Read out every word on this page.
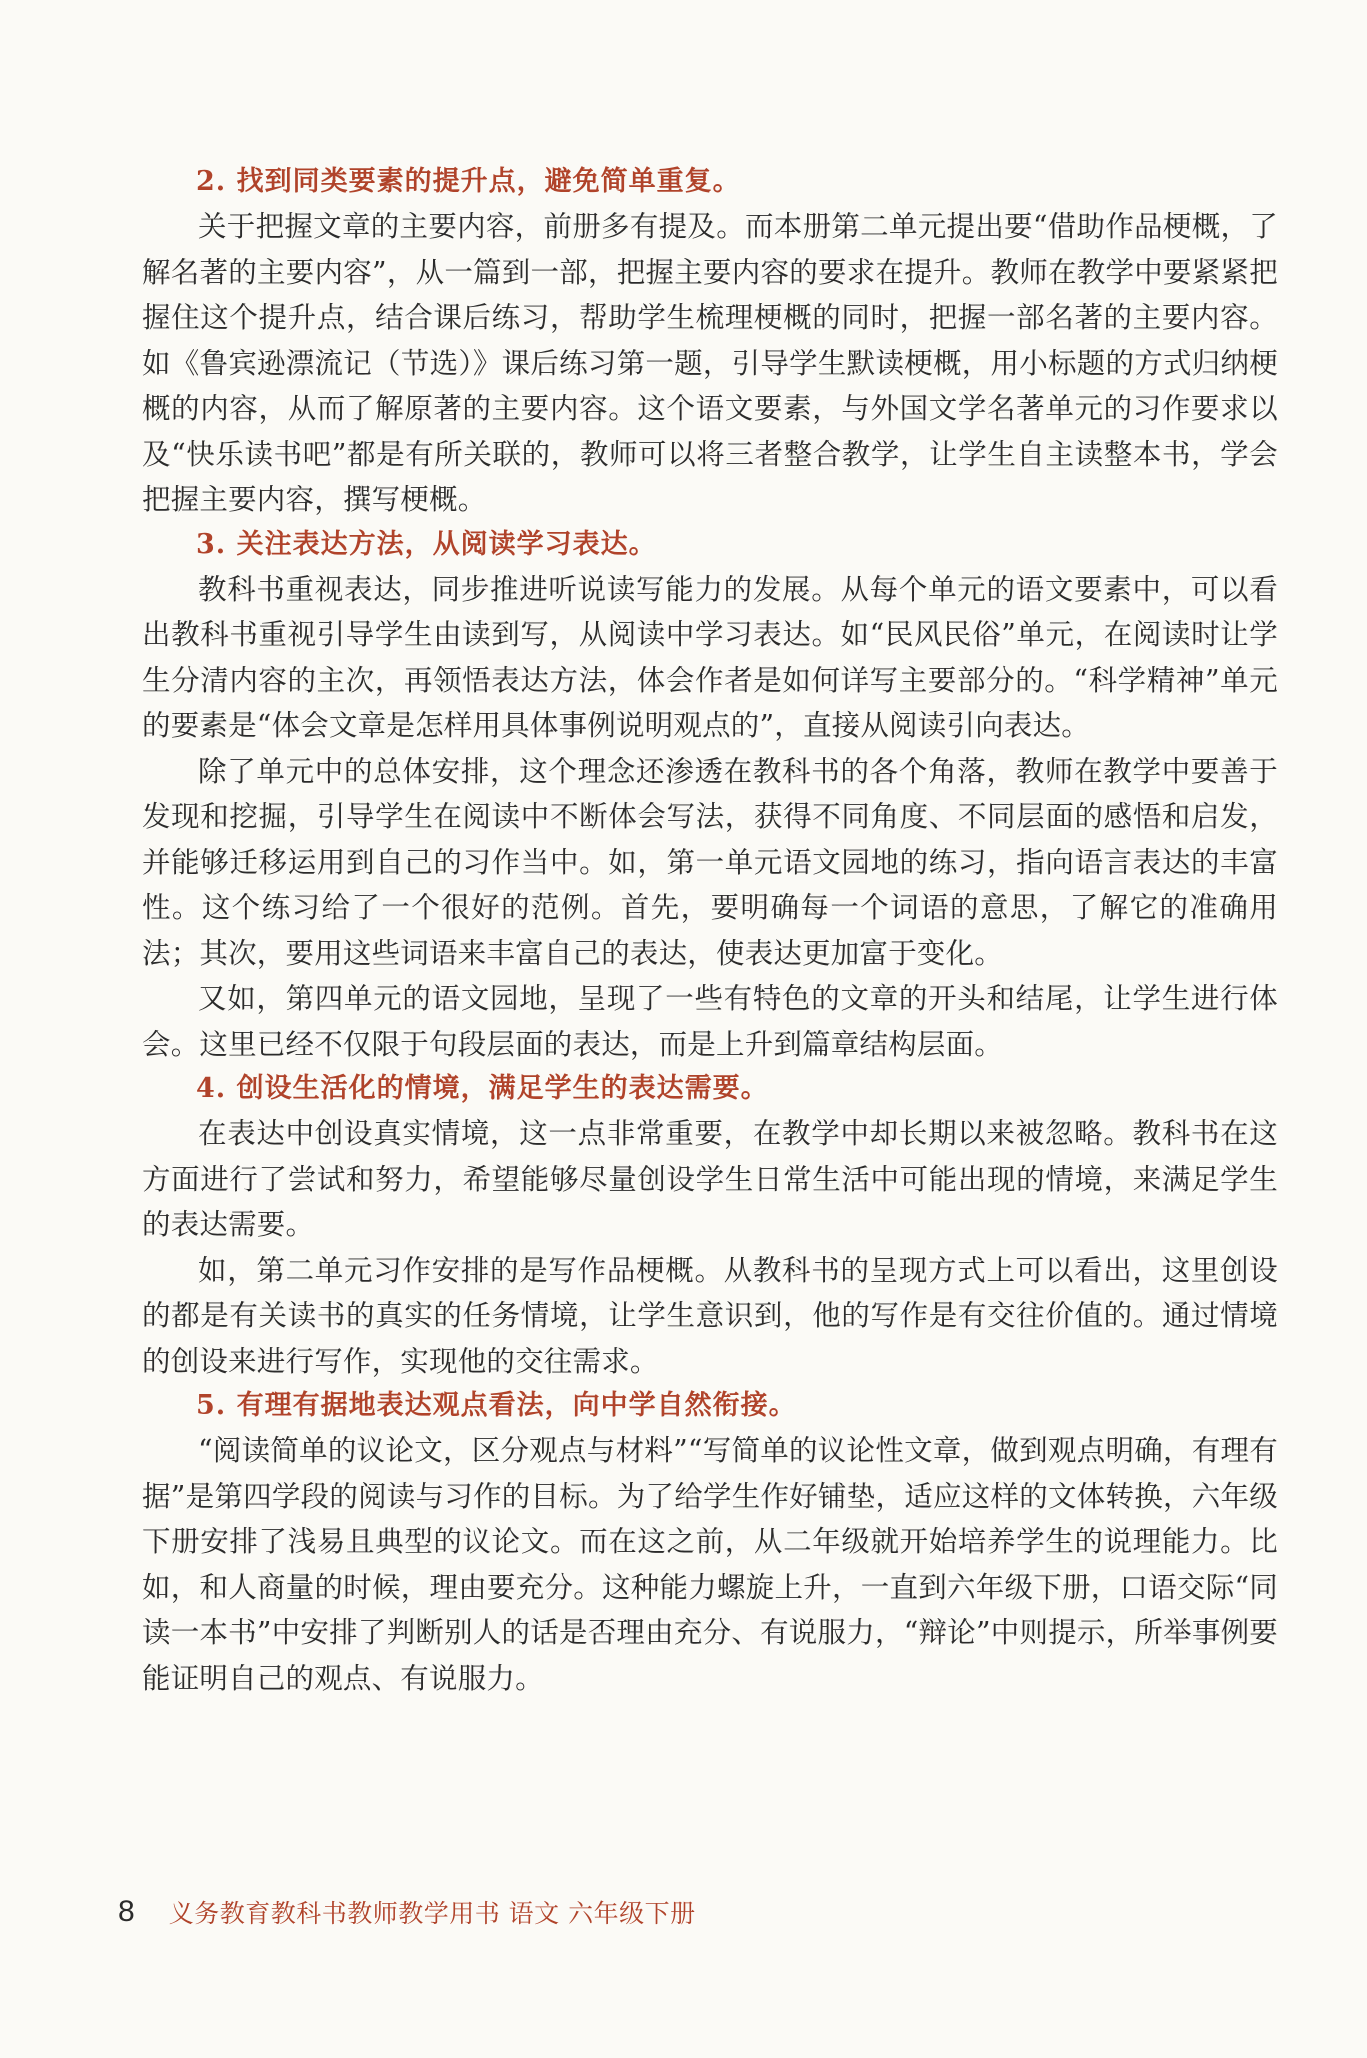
2. 找到同类要素的提升点，避免简单重复。

关于把握文章的主要内容，前册多有提及。而本册第二单元提出要“借助作品梗概，了解名著的主要内容”，从一篇到一部，把握主要内容的要求在提升。教师在教学中要紧紧把握住这个提升点，结合课后练习，帮助学生梳理梗概的同时，把握一部名著的主要内容。如《鲁宾逊漂流记（节选）》课后练习第一题，引导学生默读梗概，用小标题的方式归纳梗概的内容，从而了解原著的主要内容。这个语文要素，与外国文学名著单元的习作要求以及“快乐读书吧”都是有所关联的，教师可以将三者整合教学，让学生自主读整本书，学会把握主要内容，撰写梗概。

3. 关注表达方法，从阅读学习表达。

教科书重视表达，同步推进听说读写能力的发展。从每个单元的语文要素中，可以看出教科书重视引导学生由读到写，从阅读中学习表达。如“民风民俗”单元，在阅读时让学生分清内容的主次，再领悟表达方法，体会作者是如何详写主要部分的。“科学精神”单元的要素是“体会文章是怎样用具体事例说明观点的”，直接从阅读引向表达。

除了单元中的总体安排，这个理念还渗透在教科书的各个角落，教师在教学中要善于发现和挖掘，引导学生在阅读中不断体会写法，获得不同角度、不同层面的感悟和启发，并能够迁移运用到自己的习作当中。如，第一单元语文园地的练习，指向语言表达的丰富性。这个练习给了一个很好的范例。首先，要明确每一个词语的意思，了解它的准确用法；其次，要用这些词语来丰富自己的表达，使表达更加富于变化。

又如，第四单元的语文园地，呈现了一些有特色的文章的开头和结尾，让学生进行体会。这里已经不仅限于句段层面的表达，而是上升到篇章结构层面。

4. 创设生活化的情境，满足学生的表达需要。

在表达中创设真实情境，这一点非常重要，在教学中却长期以来被忽略。教科书在这方面进行了尝试和努力，希望能够尽量创设学生日常生活中可能出现的情境，来满足学生的表达需要。

如，第二单元习作安排的是写作品梗概。从教科书的呈现方式上可以看出，这里创设的都是有关读书的真实的任务情境，让学生意识到，他的写作是有交往价值的。通过情境的创设来进行写作，实现他的交往需求。

5. 有理有据地表达观点看法，向中学自然衔接。

“阅读简单的议论文，区分观点与材料”“写简单的议论性文章，做到观点明确，有理有据”是第四学段的阅读与习作的目标。为了给学生作好铺垫，适应这样的文体转换，六年级下册安排了浅易且典型的议论文。而在这之前，从二年级就开始培养学生的说理能力。比如，和人商量的时候，理由要充分。这种能力螺旋上升，一直到六年级下册，口语交际“同读一本书”中安排了判断别人的话是否理由充分、有说服力，“辩论”中则提示，所举事例要能证明自己的观点、有说服力。

8 义务教育教科书教师教学用书 语文 六年级下册
